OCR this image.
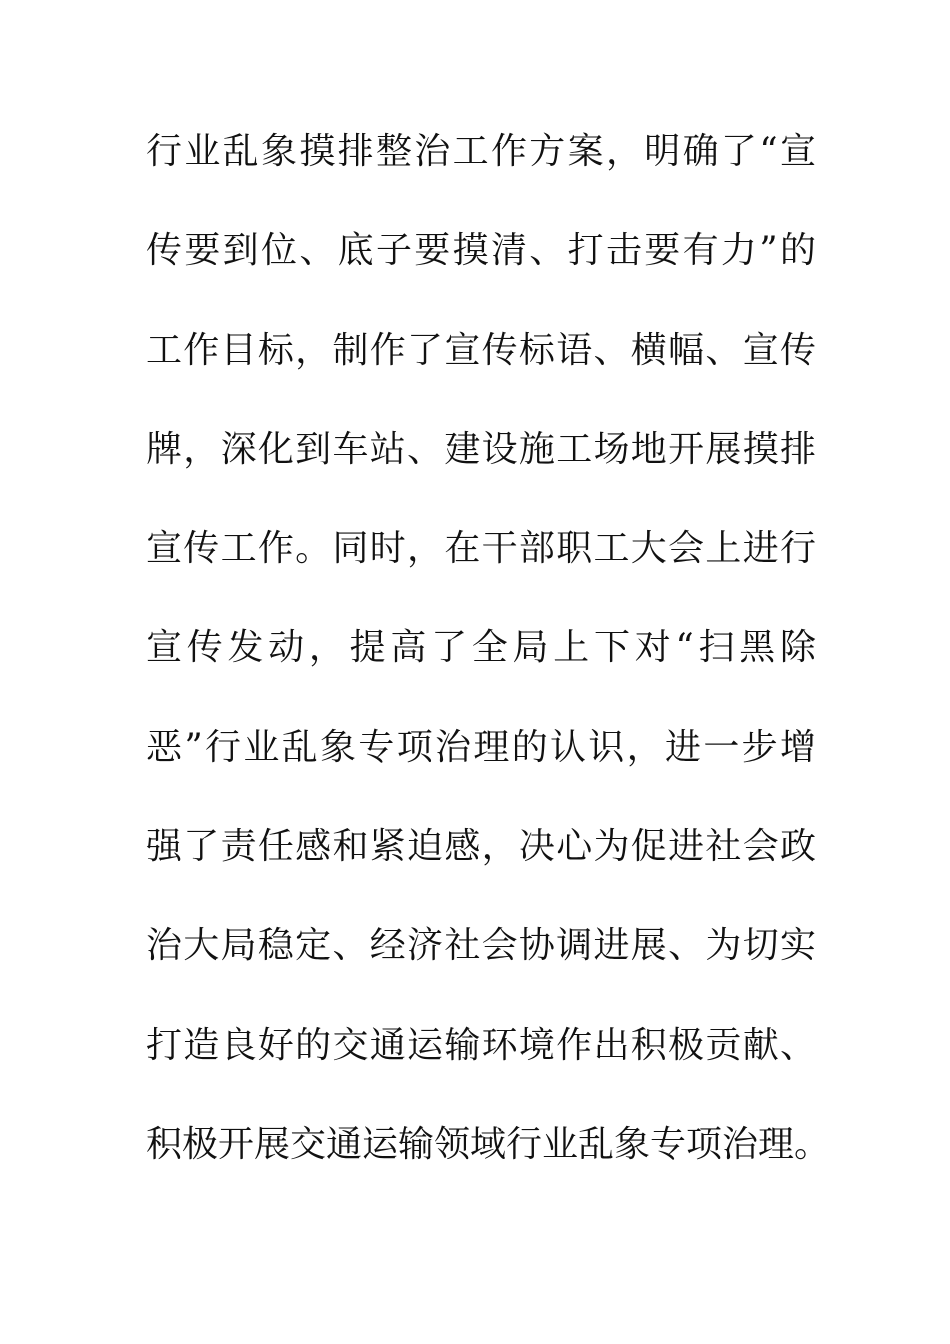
行业乱象摸排整治工作方案，明确了“宣
传要到位、底子要摸清、打击要有力”的
工作目标，制作了宣传标语、横幅、宣传
牌，深化到车站、建设施工场地开展摸排
宣传工作。同时，在干部职工大会上进行
宣传发动，提高了全局上下对“扫黑除
恶”行业乱象专项治理的认识，进一步增
强了责任感和紧迫感，决心为促进社会政
治大局稳定、经济社会协调进展、为切实
打造良好的交通运输环境作出积极贡献、
积极开展交通运输领域行业乱象专项治理。
